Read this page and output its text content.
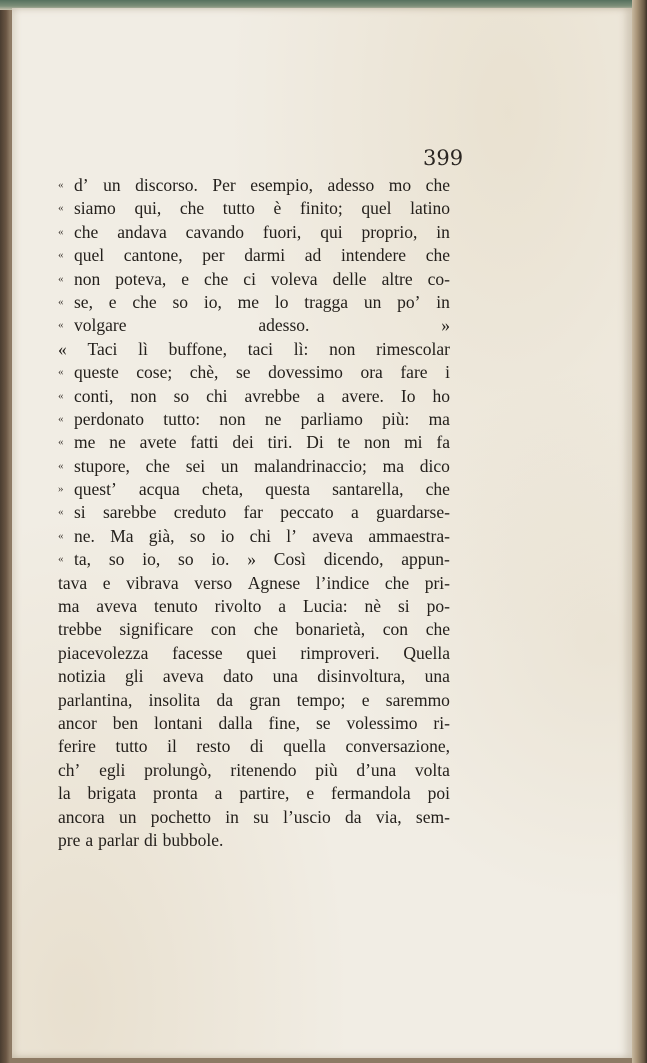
399
« d’ un discorso. Per esempio, adesso mo che
« siamo qui, che tutto è finito; quel latino
« che andava cavando fuori, qui proprio, in
« quel cantone, per darmi ad intendere che
« non poteva, e che ci voleva delle altre co-
« se, e che so io, me lo tragga un po’ in
« volgare	adesso.	»
« Taci lì buffone, taci lì: non rimescolar
« queste cose; chè, se dovessimo ora fare i
« conti, non so chi avrebbe a avere. Io ho
« perdonato tutto: non ne parliamo più: ma
« me ne avete fatti dei tiri. Di te non mi fa
« stupore, che sei un malandrinaccio; ma dico
» quest’ acqua cheta, questa santarella, che
« si sarebbe creduto far peccato a guardarse-
« ne. Ma già, so io chi l’ aveva ammaestra-
« ta, so io, so io. » Così dicendo, appun-
tava e vibrava verso Agnese l’indice che pri-
ma aveva tenuto rivolto a Lucia: nè si po-
trebbe significare con che bonarietà, con che
piacevolezza facesse quei rimproveri. Quella
notizia gli aveva dato una disinvoltura, una
parlantina, insolita da gran tempo; e saremmo
ancor ben lontani dalla fine, se volessimo ri-
ferire tutto il resto di quella conversazione,
ch’ egli prolungò, ritenendo più d’una volta
la brigata pronta a partire, e fermandola poi
ancora un pochetto in su l’uscio da via, sem-
pre a parlar di bubbole.
